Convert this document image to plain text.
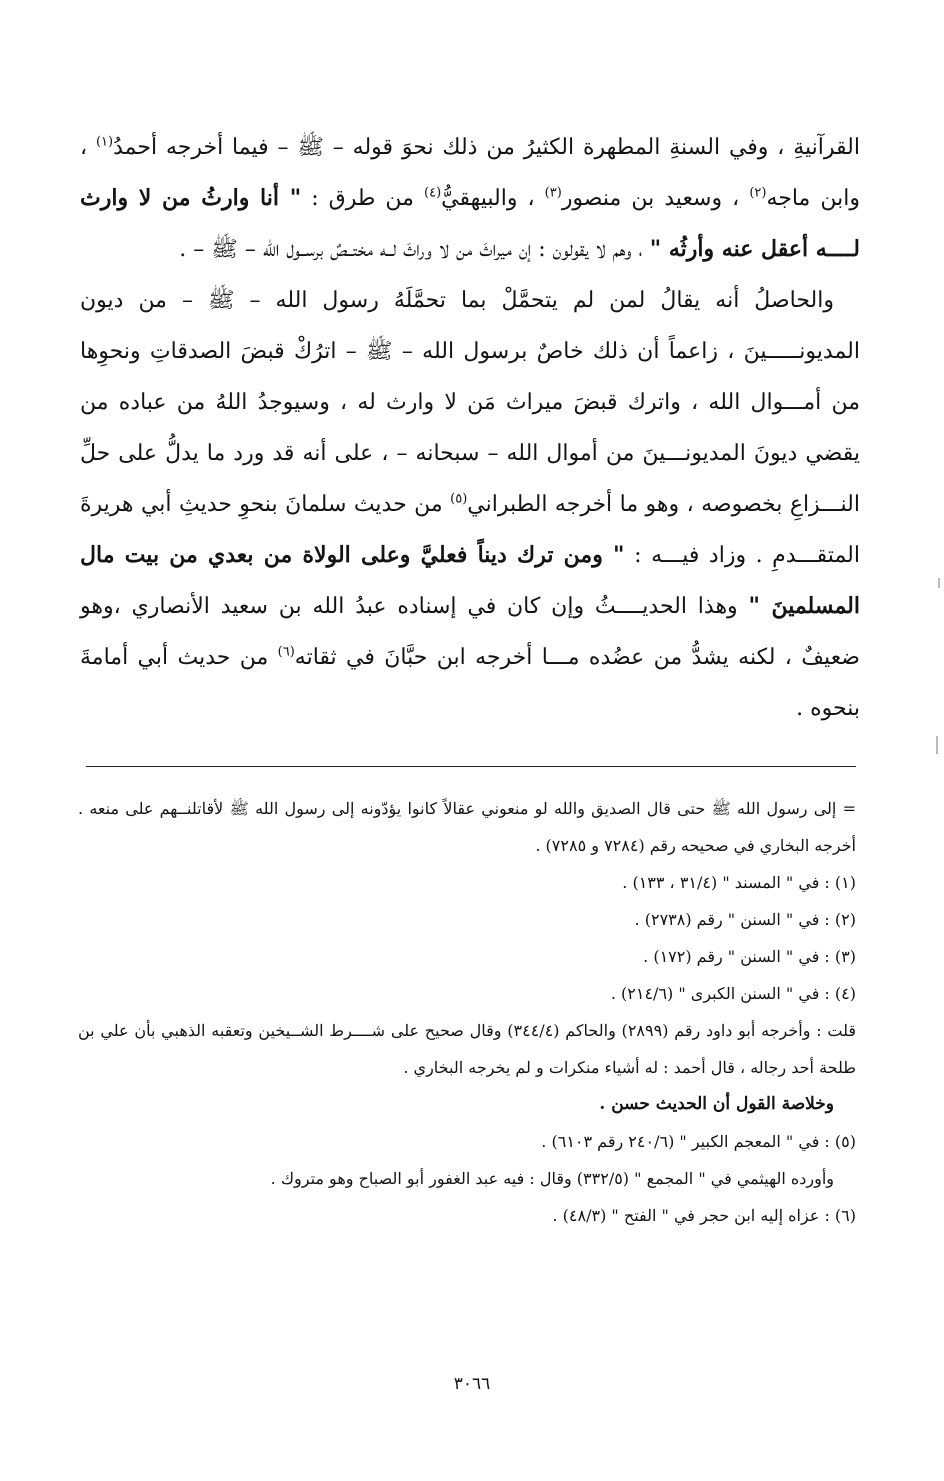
القرآنيةِ ، وفي السنةِ المطهرة الكثيرُ من ذلك نحوَ قوله – ﷺ – فيما أخرجه أحمدُ$^{(١)}$ ، وابن ماجه$^{(٢)}$ ، وسعيد بن منصور$^{(٣)}$ ، والبيهقيُّ$^{(٤)}$ من طرق : " أنا وارثُ من لا وارث لــــه أعقل عنه وأرثُه " ، وهم لا يقولون : إن ميراثَ من لا وراثَ لــه مختــصٌ برســول الله – ﷺ – .

والحاصلُ أنه يقالُ لمن لم يتحمَّلْ بما تحمَّلَهُ رسول الله – ﷺ – من ديون المديونـــــينَ ، زاعماً أن ذلك خاصٌ برسول الله – ﷺ – اترُكْ قبضَ الصدقاتِ ونحوِها من أمـــوال الله ، واترك قبضَ ميراث مَن لا وارث له ، وسيوجدُ اللهُ من عباده من يقضي ديونَ المديونـــينَ من أموال الله – سبحانه – ، على أنه قد ورد ما يدلُّ على حلِّ النـــزاعِ بخصوصه ، وهو ما أخرجه الطبراني$^{(٥)}$ من حديث سلمانَ بنحوِ حديثِ أبي هريرةَ المتقـــدمِ . وزاد فيـــه : " ومن ترك ديناً فعليَّ وعلى الولاة من بعدي من بيت مال المسلمينَ " وهذا الحديــــثُ وإن كان في إسناده عبدُ الله بن سعيد الأنصاري ،وهو ضعيفٌ ، لكنه يشدُّ من عضُده مـــا أخرجه ابن حبَّانَ في ثقاته$^{(٦)}$ من حديث أبي أمامةَ بنحوه .

= إلى رسول الله ﷺ حتى قال الصديق والله لو منعوني عقالاً كانوا يؤدّونه إلى رسول الله ﷺ لأقاتلنــهم على منعه . أخرجه البخاري في صحيحه رقم (٧٢٨٤ و ٧٢٨٥) .

(١) : في " المسند " (٣١/٤ ، ١٣٣) .

(٢) : في " السنن " رقم (٢٧٣٨) .

(٣) : في " السنن " رقم (١٧٢) .

(٤) : في " السنن الكبرى " (٢١٤/٦) .

قلت : وأخرجه أبو داود رقم (٢٨٩٩) والحاكم (٣٤٤/٤) وقال صحيح على شــــرط الشــيخين وتعقبه الذهبي بأن علي بن طلحة أحد رجاله ، قال أحمد : له أشياء منكرات و لم يخرجه البخاري .

وخلاصة القول أن الحديث حسن .

(٥) : في " المعجم الكبير " (٢٤٠/٦ رقم ٦١٠٣) .

وأورده الهيثمي في " المجمع " (٣٣٢/٥) وقال : فيه عبد الغفور أبو الصباح وهو متروك .

(٦) : عزاه إليه ابن حجر في " الفتح " (٤٨/٣) .

٣٠٦٦
